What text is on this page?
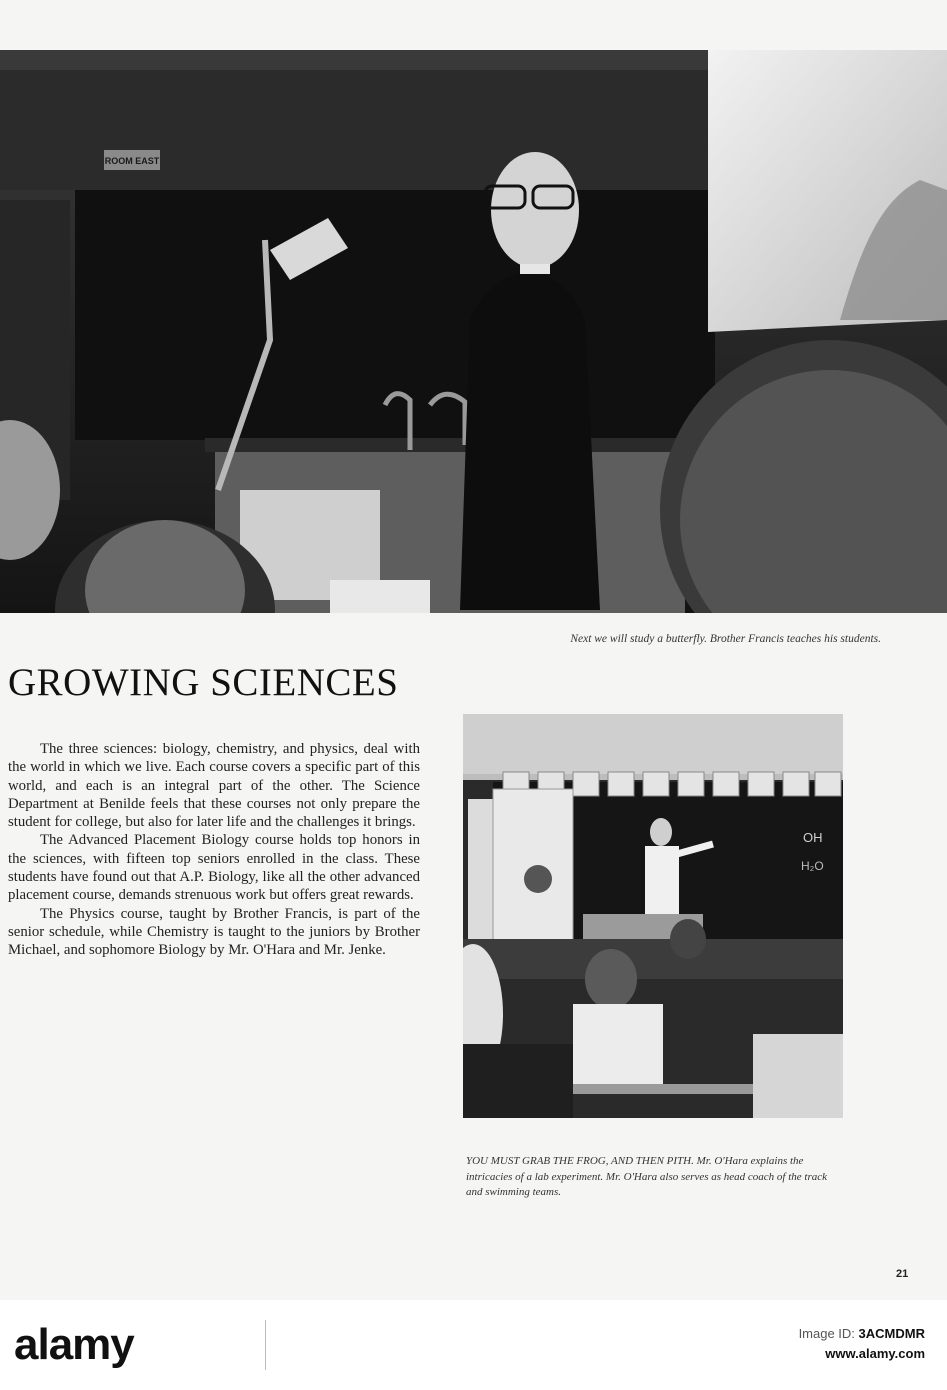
ROOM EAST
Next we will study a butterfly. Brother Francis teaches his students.
GROWING SCIENCES

The three sciences: biology, chemistry, and physics, deal with the world in which we live. Each course covers a specific part of this world, and each is an integral part of the other. The Science Department at Benilde feels that these courses not only prepare the student for college, but also for later life and the challenges it brings.

The Advanced Placement Biology course holds top honors in the sciences, with fifteen top seniors enrolled in the class. These students have found out that A.P. Biology, like all the other advanced placement course, demands strenuous work but offers great rewards.

The Physics course, taught by Brother Francis, is part of the senior schedule, while Chemistry is taught to the juniors by Brother Michael, and sophomore Biology by Mr. O'Hara and Mr. Jenke.

OH
H₂O
YOU MUST GRAB THE FROG, AND THEN PITH. Mr. O'Hara explains the intricacies of a lab experiment. Mr. O'Hara also serves as head coach of the track and swimming teams.
21
alamy	Image ID: 3ACMDMR
www.alamy.com
